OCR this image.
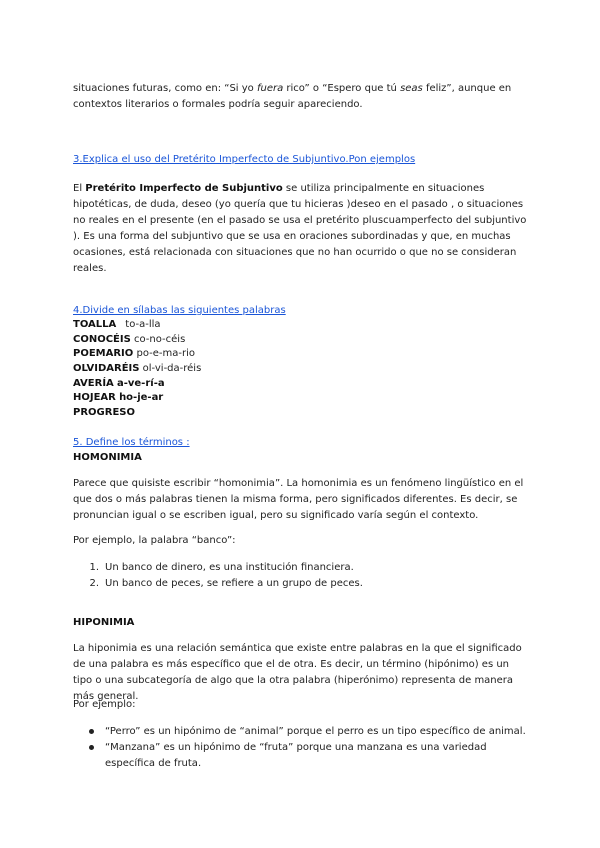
situaciones futuras, como en: “Si yo fuera rico” o “Espero que tú seas feliz”, aunque en contextos literarios o formales podría seguir apareciendo.

3.Explica el uso del Pretérito Imperfecto de Subjuntivo.Pon ejemplos

El Pretérito Imperfecto de Subjuntivo se utiliza principalmente en situaciones hipotéticas, de duda, deseo (yo quería que tu hicieras )deseo en el pasado , o situaciones no reales en el presente (en el pasado se usa el pretérito pluscuamperfecto del subjuntivo ). Es una forma del subjuntivo que se usa en oraciones subordinadas y que, en muchas ocasiones, está relacionada con situaciones que no han ocurrido o que no se consideran reales.

4.Divide en sílabas las siguientes palabras

TOALLA to-a-lla
CONOCÉIS co-no-céis
POEMARIO po-e-ma-rio
OLVIDARÉIS ol-vi-da-réis
AVERÍA a-ve-rí-a
HOJEAR ho-je-ar
PROGRESO

5. Define los términos :

HOMONIMIA

Parece que quisiste escribir “homonimia”. La homonimia es un fenómeno lingüístico en el que dos o más palabras tienen la misma forma, pero significados diferentes. Es decir, se pronuncian igual o se escriben igual, pero su significado varía según el contexto.

Por ejemplo, la palabra “banco”:

1. Un banco de dinero, es una institución financiera.
2. Un banco de peces, se refiere a un grupo de peces.

HIPONIMIA

La hiponimia es una relación semántica que existe entre palabras en la que el significado de una palabra es más específico que el de otra. Es decir, un término (hipónimo) es un tipo o una subcategoría de algo que la otra palabra (hiperónimo) representa de manera más general.

Por ejemplo:

“Perro” es un hipónimo de “animal” porque el perro es un tipo específico de animal.
“Manzana” es un hipónimo de “fruta” porque una manzana es una variedad específica de fruta.
